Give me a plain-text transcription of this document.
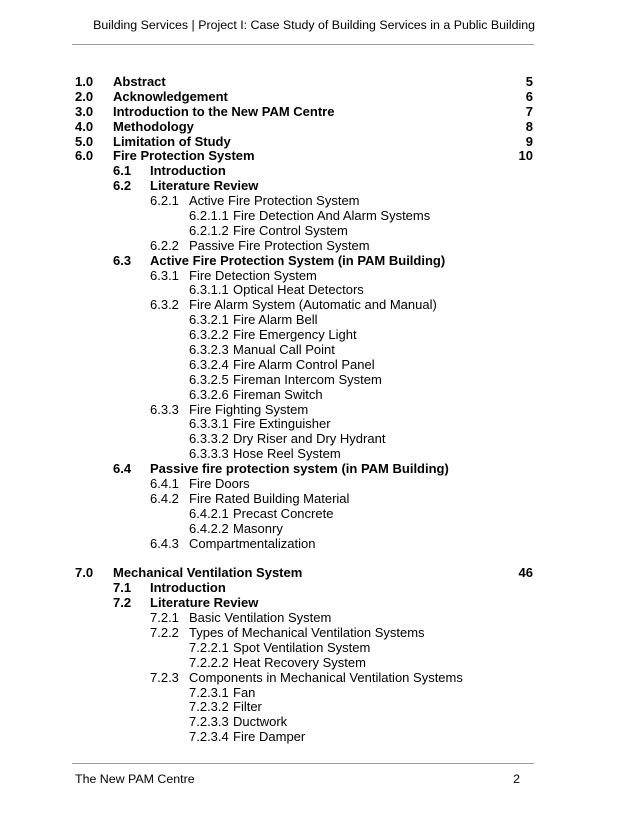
Building Services | Project I: Case Study of Building Services in a Public Building
1.0 Abstract	5
2.0 Acknowledgement	6
3.0 Introduction to the New PAM Centre	7
4.0 Methodology	8
5.0 Limitation of Study	9
6.0 Fire Protection System	10
6.1 Introduction
6.2 Literature Review
6.2.1 Active Fire Protection System
6.2.1.1 Fire Detection And Alarm Systems
6.2.1.2 Fire Control System
6.2.2 Passive Fire Protection System
6.3 Active Fire Protection System (in PAM Building)
6.3.1 Fire Detection System
6.3.1.1 Optical Heat Detectors
6.3.2 Fire Alarm System (Automatic and Manual)
6.3.2.1 Fire Alarm Bell
6.3.2.2 Fire Emergency Light
6.3.2.3 Manual Call Point
6.3.2.4 Fire Alarm Control Panel
6.3.2.5 Fireman Intercom System
6.3.2.6 Fireman Switch
6.3.3 Fire Fighting System
6.3.3.1 Fire Extinguisher
6.3.3.2 Dry Riser and Dry Hydrant
6.3.3.3 Hose Reel System
6.4 Passive fire protection system (in PAM Building)
6.4.1 Fire Doors
6.4.2 Fire Rated Building Material
6.4.2.1 Precast Concrete
6.4.2.2 Masonry
6.4.3 Compartmentalization
7.0 Mechanical Ventilation System	46
7.1 Introduction
7.2 Literature Review
7.2.1 Basic Ventilation System
7.2.2 Types of Mechanical Ventilation Systems
7.2.2.1 Spot Ventilation System
7.2.2.2 Heat Recovery System
7.2.3 Components in Mechanical Ventilation Systems
7.2.3.1 Fan
7.2.3.2 Filter
7.2.3.3 Ductwork
7.2.3.4 Fire Damper
The New PAM Centre	2
